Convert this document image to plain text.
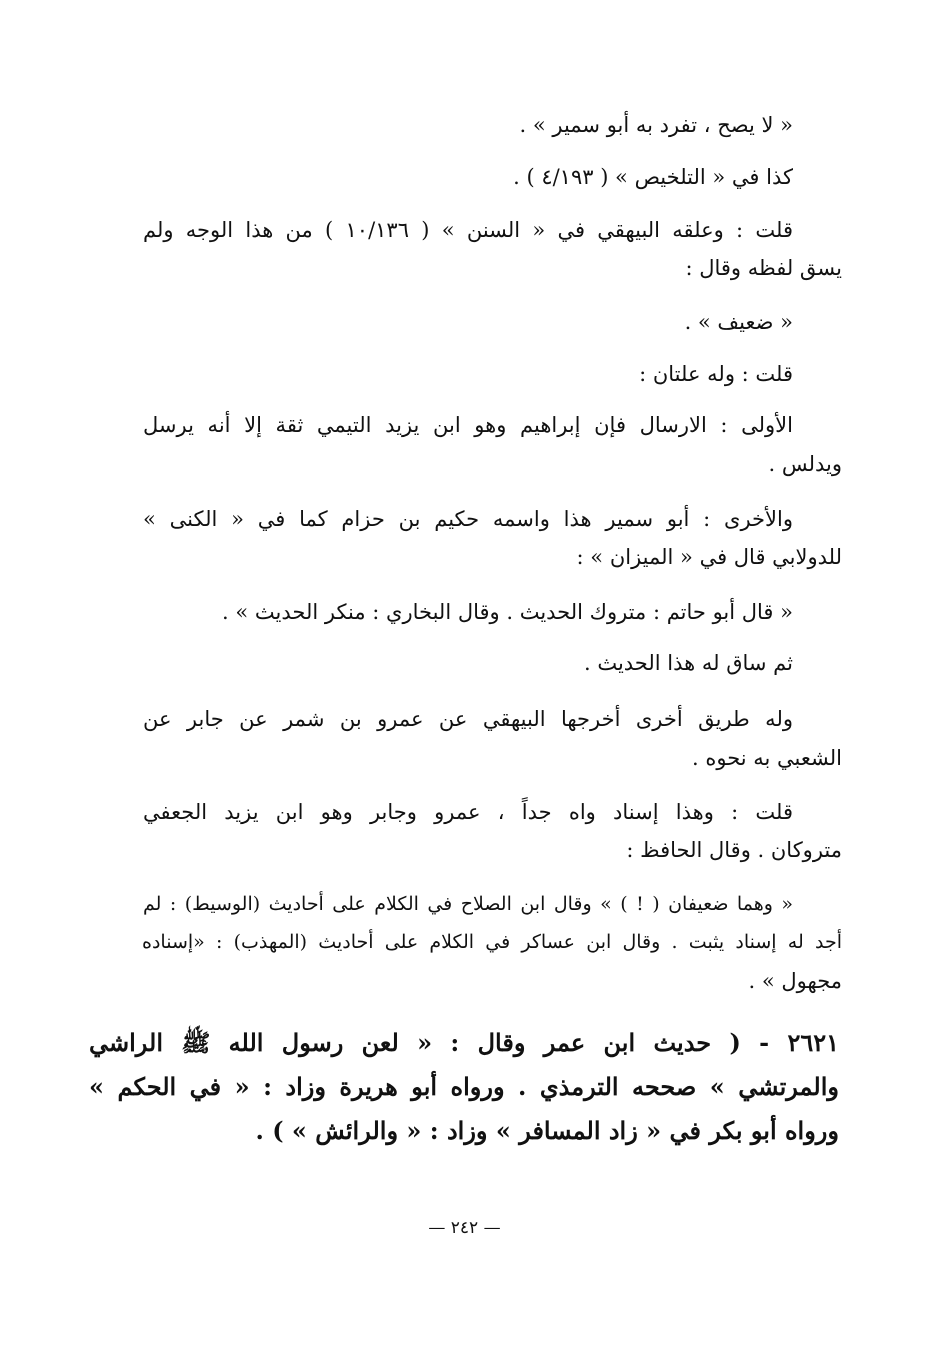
« لا يصح ، تفرد به أبو سمير » .
كذا في « التلخيص » ( ٤/١٩٣ ) .
قلت : وعلقه البيهقي في « السنن » ( ١٠/١٣٦ ) من هذا الوجه ولم
يسق لفظه وقال :
« ضعيف » .
قلت : وله علتان :
الأولى : الارسال فإن إبراهيم وهو ابن يزيد التيمي ثقة إلا أنه يرسل
ويدلس .
والأخرى : أبو سمير هذا واسمه حكيم بن حزام كما في « الكنى »
للدولابي قال في « الميزان » :
« قال أبو حاتم : متروك الحديث . وقال البخاري : منكر الحديث » .
ثم ساق له هذا الحديث .
وله طريق أخرى أخرجها البيهقي عن عمرو بن شمر عن جابر عن
الشعبي به نحوه .
قلت : وهذا إسناد واه جداً ، عمرو وجابر وهو ابن يزيد الجعفي
متروكان . وقال الحافظ :
« وهما ضعيفان ( ! ) » وقال ابن الصلاح في الكلام على أحاديث (الوسيط) : لم
أجد له إسناد يثبت . وقال ابن عساكر في الكلام على أحاديث (المهذب) : «إسناده
مجهول » .
٢٦٢١ - ( حديث ابن عمر وقال : « لعن رسول الله ﷺ الراشي
والمرتشي » صححه الترمذي . ورواه أبو هريرة وزاد : « في الحكم »
ورواه أبو بكر في « زاد المسافر » وزاد : « والرائش » ) .
— ٢٤٢ —
